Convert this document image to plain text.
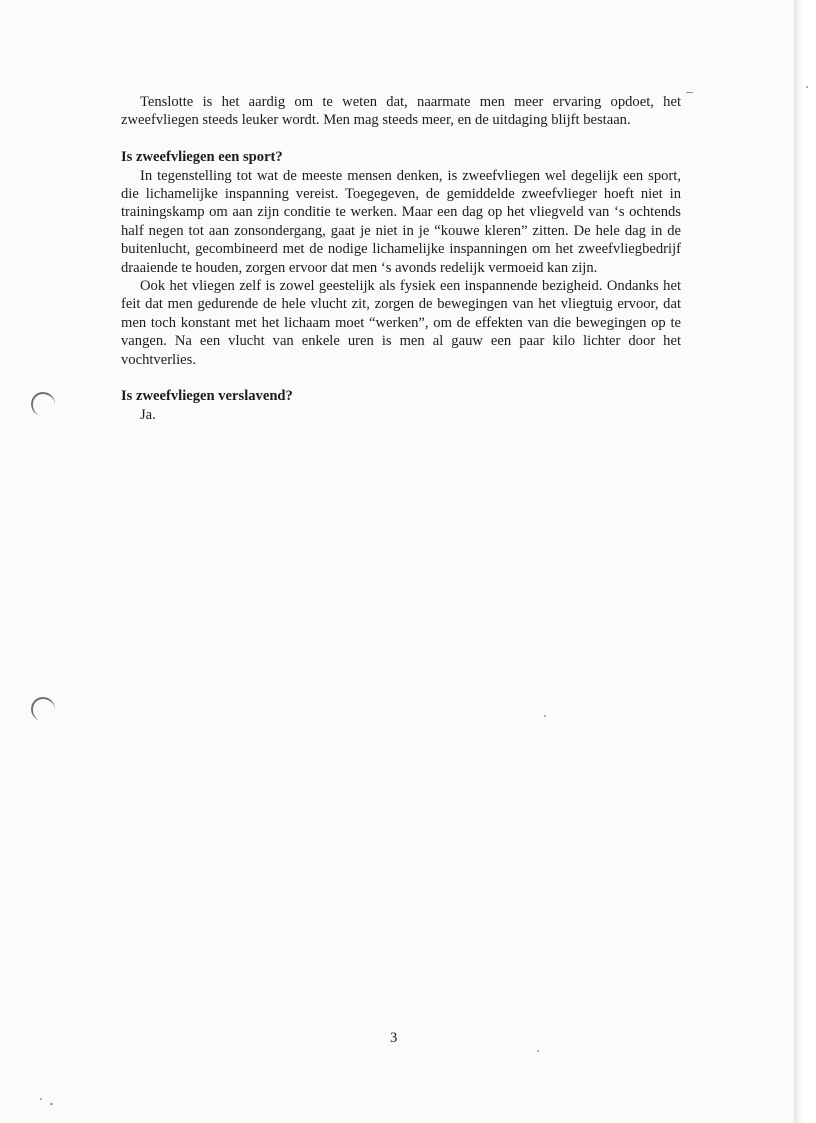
Tenslotte is het aardig om te weten dat, naarmate men meer ervaring opdoet, het zweefvliegen steeds leuker wordt. Men mag steeds meer, en de uitdaging blijft bestaan.

Is zweefvliegen een sport?

In tegenstelling tot wat de meeste mensen denken, is zweefvliegen wel degelijk een sport, die lichamelijke inspanning vereist. Toegegeven, de gemiddelde zweefvlieger hoeft niet in trainingskamp om aan zijn conditie te werken. Maar een dag op het vliegveld van ‘s ochtends half negen tot aan zonsondergang, gaat je niet in je “kouwe kleren” zitten. De hele dag in de buitenlucht, gecombineerd met de nodige lichamelijke inspanningen om het zweefvliegbedrijf draaiende te houden, zorgen ervoor dat men ‘s avonds redelijk vermoeid kan zijn.

Ook het vliegen zelf is zowel geestelijk als fysiek een inspannende bezigheid. Ondanks het feit dat men gedurende de hele vlucht zit, zorgen de bewegingen van het vliegtuig ervoor, dat men toch konstant met het lichaam moet “werken”, om de effekten van die bewegingen op te vangen. Na een vlucht van enkele uren is men al gauw een paar kilo lichter door het vochtverlies.

Is zweefvliegen verslavend?

Ja.

3
